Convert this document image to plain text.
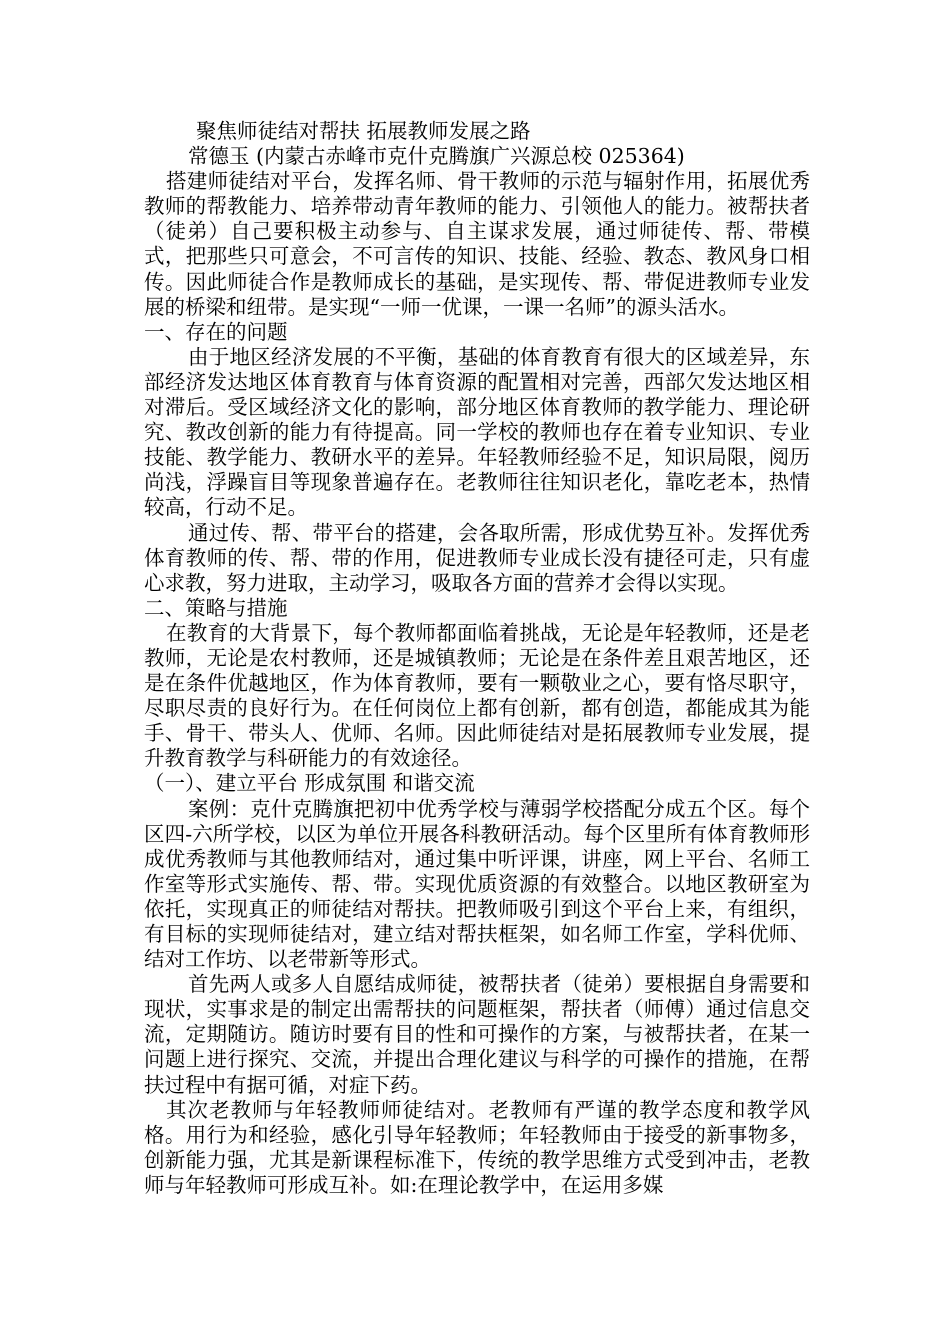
聚焦师徒结对帮扶 拓展教师发展之路
常德玉 (内蒙古赤峰市克什克腾旗广兴源总校 025364)

搭建师徒结对平台，发挥名师、骨干教师的示范与辐射作用，拓展优秀教师的帮教能力、培养带动青年教师的能力、引领他人的能力。被帮扶者（徒弟）自己要积极主动参与、自主谋求发展，通过师徒传、帮、带模式，把那些只可意会，不可言传的知识、技能、经验、教态、教风身口相传。因此师徒合作是教师成长的基础，是实现传、帮、带促进教师专业发展的桥梁和纽带。是实现“一师一优课，一课一名师”的源头活水。

一、存在的问题

由于地区经济发展的不平衡，基础的体育教育有很大的区域差异，东部经济发达地区体育教育与体育资源的配置相对完善，西部欠发达地区相对滞后。受区域经济文化的影响，部分地区体育教师的教学能力、理论研究、教改创新的能力有待提高。同一学校的教师也存在着专业知识、专业技能、教学能力、教研水平的差异。年轻教师经验不足，知识局限，阅历尚浅，浮躁盲目等现象普遍存在。老教师往往知识老化，靠吃老本，热情较高，行动不足。

通过传、帮、带平台的搭建，会各取所需，形成优势互补。发挥优秀体育教师的传、帮、带的作用，促进教师专业成长没有捷径可走，只有虚心求教，努力进取，主动学习，吸取各方面的营养才会得以实现。

二、策略与措施

在教育的大背景下，每个教师都面临着挑战，无论是年轻教师，还是老教师，无论是农村教师，还是城镇教师；无论是在条件差且艰苦地区，还是在条件优越地区，作为体育教师，要有一颗敬业之心，要有恪尽职守，尽职尽责的良好行为。在任何岗位上都有创新，都有创造，都能成其为能手、骨干、带头人、优师、名师。因此师徒结对是拓展教师专业发展，提升教育教学与科研能力的有效途径。

（一）、建立平台 形成氛围 和谐交流

案例：克什克腾旗把初中优秀学校与薄弱学校搭配分成五个区。每个区四-六所学校，以区为单位开展各科教研活动。每个区里所有体育教师形成优秀教师与其他教师结对，通过集中听评课，讲座，网上平台、名师工作室等形式实施传、帮、带。实现优质资源的有效整合。以地区教研室为依托，实现真正的师徒结对帮扶。把教师吸引到这个平台上来，有组织，有目标的实现师徒结对，建立结对帮扶框架，如名师工作室，学科优师、结对工作坊、以老带新等形式。

首先两人或多人自愿结成师徒，被帮扶者（徒弟）要根据自身需要和现状，实事求是的制定出需帮扶的问题框架，帮扶者（师傅）通过信息交流，定期随访。随访时要有目的性和可操作的方案，与被帮扶者，在某一问题上进行探究、交流，并提出合理化建议与科学的可操作的措施，在帮扶过程中有据可循，对症下药。

其次老教师与年轻教师师徒结对。老教师有严谨的教学态度和教学风格。用行为和经验，感化引导年轻教师；年轻教师由于接受的新事物多，创新能力强，尤其是新课程标准下，传统的教学思维方式受到冲击，老教师与年轻教师可形成互补。如:在理论教学中，在运用多媒
